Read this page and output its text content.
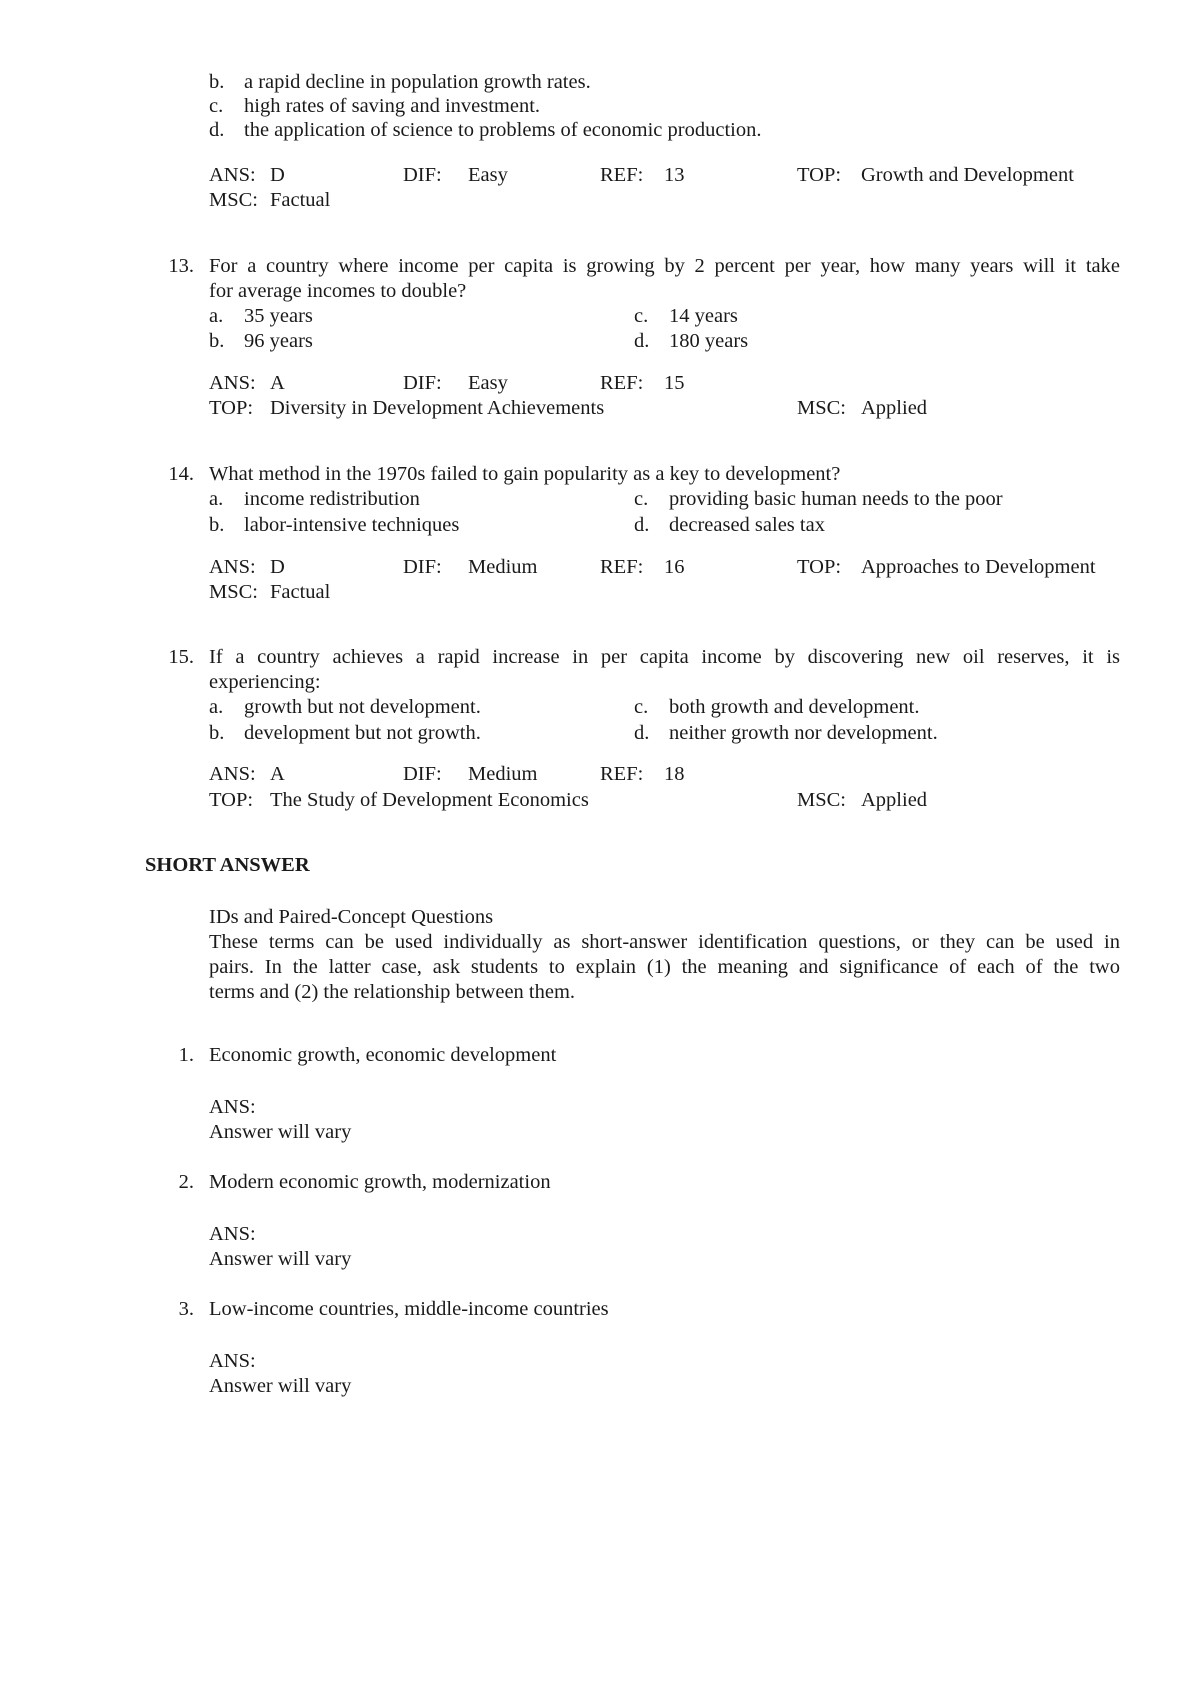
b. a rapid decline in population growth rates.
c. high rates of saving and investment.
d. the application of science to problems of economic production.
ANS: D	DIF: Easy	REF: 13	TOP: Growth and Development
MSC: Factual
13. For a country where income per capita is growing by 2 percent per year, how many years will it take
for average incomes to double?
a. 35 years
b. 96 years
c. 14 years
d. 180 years
ANS: A	DIF: Easy	REF: 15
TOP: Diversity in Development Achievements	MSC: Applied
14. What method in the 1970s failed to gain popularity as a key to development?
a. income redistribution
b. labor-intensive techniques
c. providing basic human needs to the poor
d. decreased sales tax
ANS: D	DIF: Medium	REF: 16	TOP: Approaches to Development
MSC: Factual
15. If a country achieves a rapid increase in per capita income by discovering new oil reserves, it is
experiencing:
a. growth but not development.
b. development but not growth.
c. both growth and development.
d. neither growth nor development.
ANS: A	DIF: Medium	REF: 18
TOP: The Study of Development Economics	MSC: Applied
SHORT ANSWER
IDs and Paired-Concept Questions
These terms can be used individually as short-answer identification questions, or they can be used in
pairs. In the latter case, ask students to explain (1) the meaning and significance of each of the two
terms and (2) the relationship between them.
1. Economic growth, economic development
ANS:
Answer will vary
2. Modern economic growth, modernization
ANS:
Answer will vary
3. Low-income countries, middle-income countries
ANS:
Answer will vary
